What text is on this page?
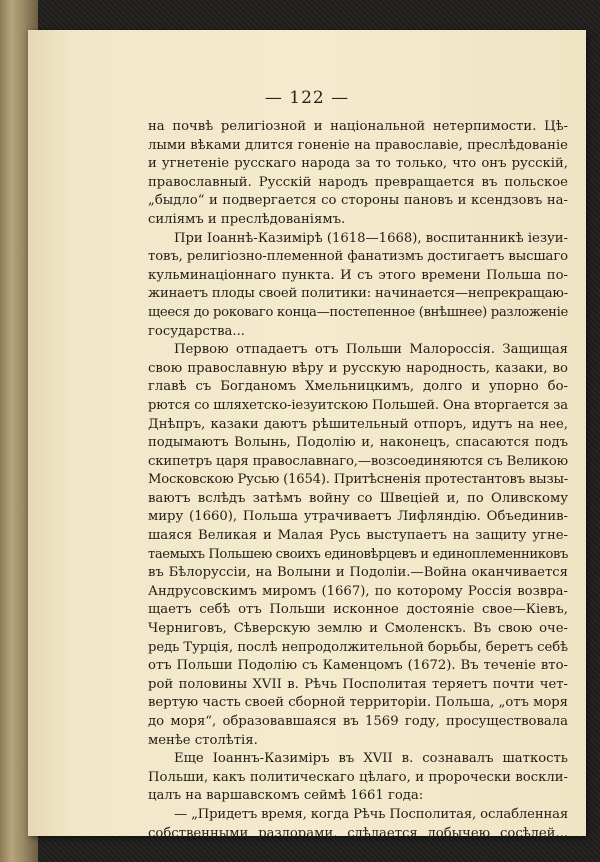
— 122 —
на почвѣ религіозной и національной нетерпимости. Цѣ-
лыми вѣками длится гоненіе на православіе, преслѣдованіе
и угнетеніе русскаго народа за то только, что онъ русскій,
православный. Русскій народъ превращается въ польское
„быдло“ и подвергается со стороны пановъ и ксендзовъ на-
силіямъ и преслѣдованіямъ.
При Іоаннѣ-Казимірѣ (1618—1668), воспитанникѣ іезуи-
товъ, религіозно-племенной фанатизмъ достигаетъ высшаго
кульминаціоннаго пункта. И съ этого времени Польша по-
жинаетъ плоды своей политики: начинается—непрекращаю-
щееся до роковаго конца—постепенное (внѣшнее) разложеніе
государства...
Первою отпадаетъ отъ Польши Малороссія. Защищая
свою православную вѣру и русскую народность, казаки, во
главѣ съ Богданомъ Хмельницкимъ, долго и упорно бо-
рются со шляхетско-іезуитскою Польшей. Она вторгается за
Днѣпръ, казаки даютъ рѣшительный отпоръ, идутъ на нее,
подымаютъ Волынь, Подолію и, наконецъ, спасаются подъ
скипетръ царя православнаго,—возсоединяются съ Великою
Московскою Русью (1654). Притѣсненія протестантовъ вызы-
ваютъ вслѣдъ затѣмъ войну со Швеціей и, по Оливскому
миру (1660), Польша утрачиваетъ Лифляндію. Объединив-
шаяся Великая и Малая Русь выступаетъ на защиту угне-
таемыхъ Польшею своихъ единовѣрцевъ и единоплеменниковъ
въ Бѣлоруссіи, на Волыни и Подоліи.—Война оканчивается
Андрусовскимъ миромъ (1667), по которому Россія возвра-
щаетъ себѣ отъ Польши исконное достояніе свое—Кіевъ,
Черниговъ, Сѣверскую землю и Смоленскъ. Въ свою оче-
редь Турція, послѣ непродолжительной борьбы, беретъ себѣ
отъ Польши Подолію съ Каменцомъ (1672). Въ теченіе вто-
рой половины XVII в. Рѣчь Посполитая теряетъ почти чет-
вертую часть своей сборной территоріи. Польша, „отъ моря
до моря“, образовавшаяся въ 1569 году, просуществовала
менѣе столѣтія.
Еще Іоаннъ-Казиміръ въ XVII в. сознавалъ шаткость
Польши, какъ политическаго цѣлаго, и пророчески воскли-
цалъ на варшавскомъ сеймѣ 1661 года:
— „Придетъ время, когда Рѣчь Посполитая, ослабленная
собственными раздорами, сдѣлается добычею сосѣдей...
